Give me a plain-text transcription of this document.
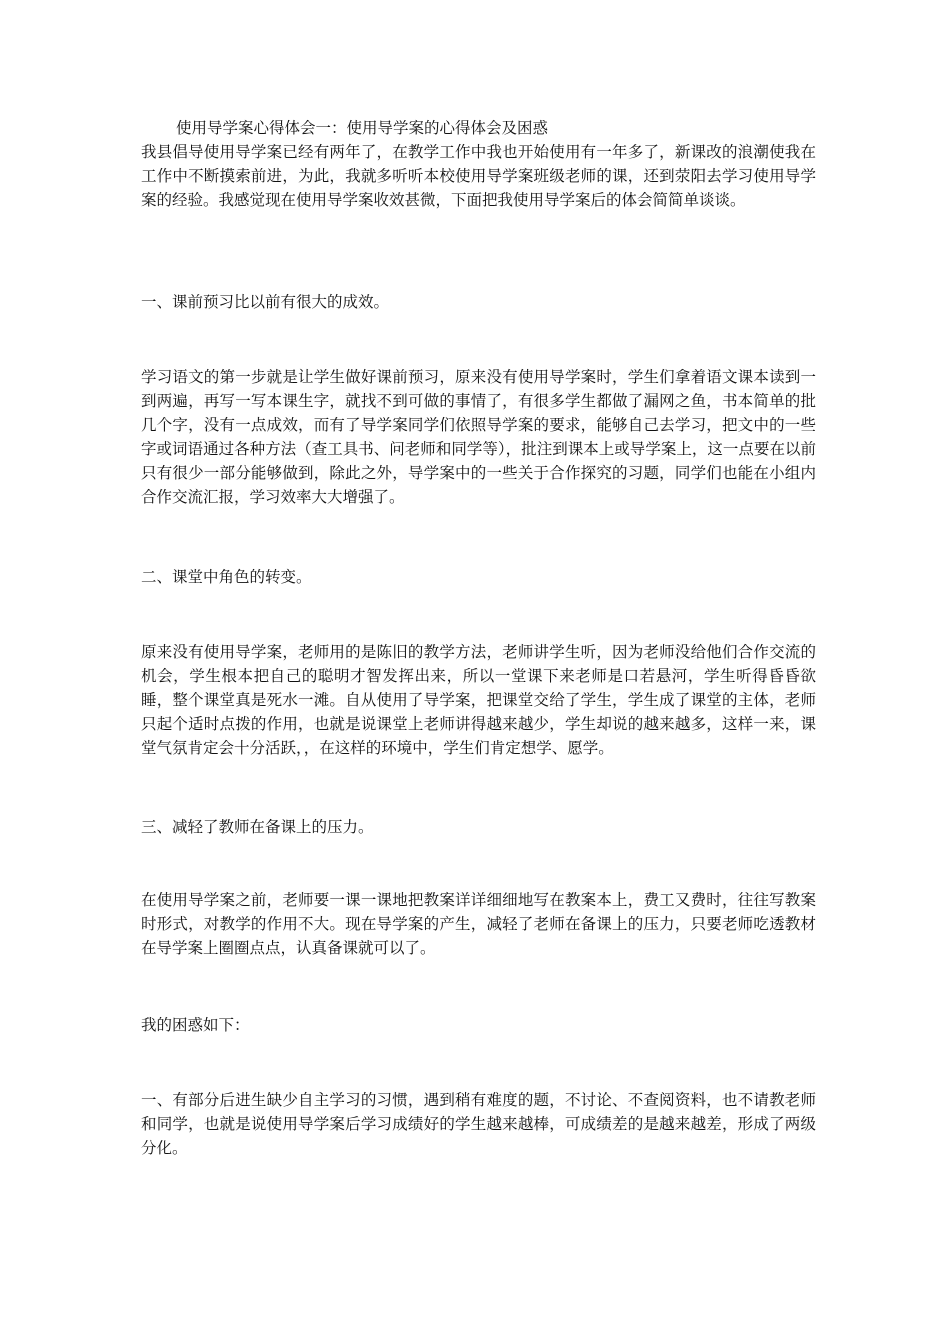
使用导学案心得体会一：使用导学案的心得体会及困惑
我县倡导使用导学案已经有两年了，在教学工作中我也开始使用有一年多了，新课改的浪潮使我在工作中不断摸索前进，为此，我就多听听本校使用导学案班级老师的课，还到荥阳去学习使用导学案的经验。我感觉现在使用导学案收效甚微，下面把我使用导学案后的体会简简单谈谈。
一、课前预习比以前有很大的成效。
学习语文的第一步就是让学生做好课前预习，原来没有使用导学案时，学生们拿着语文课本读到一到两遍，再写一写本课生字，就找不到可做的事情了，有很多学生都做了漏网之鱼，书本简单的批几个字，没有一点成效，而有了导学案同学们依照导学案的要求，能够自己去学习，把文中的一些字或词语通过各种方法（查工具书、问老师和同学等），批注到课本上或导学案上，这一点要在以前只有很少一部分能够做到，除此之外，导学案中的一些关于合作探究的习题，同学们也能在小组内合作交流汇报，学习效率大大增强了。
二、课堂中角色的转变。
原来没有使用导学案，老师用的是陈旧的教学方法，老师讲学生听，因为老师没给他们合作交流的机会，学生根本把自己的聪明才智发挥出来，所以一堂课下来老师是口若悬河，学生听得昏昏欲睡，整个课堂真是死水一滩。自从使用了导学案，把课堂交给了学生，学生成了课堂的主体，老师只起个适时点拨的作用，也就是说课堂上老师讲得越来越少，学生却说的越来越多，这样一来，课堂气氛肯定会十分活跃，，在这样的环境中，学生们肯定想学、愿学。
三、减轻了教师在备课上的压力。
在使用导学案之前，老师要一课一课地把教案详详细细地写在教案本上，费工又费时，往往写教案时形式，对教学的作用不大。现在导学案的产生，减轻了老师在备课上的压力，只要老师吃透教材在导学案上圈圈点点，认真备课就可以了。
我的困惑如下：
一、有部分后进生缺少自主学习的习惯，遇到稍有难度的题，不讨论、不查阅资料，也不请教老师和同学，也就是说使用导学案后学习成绩好的学生越来越棒，可成绩差的是越来越差，形成了两级分化。
